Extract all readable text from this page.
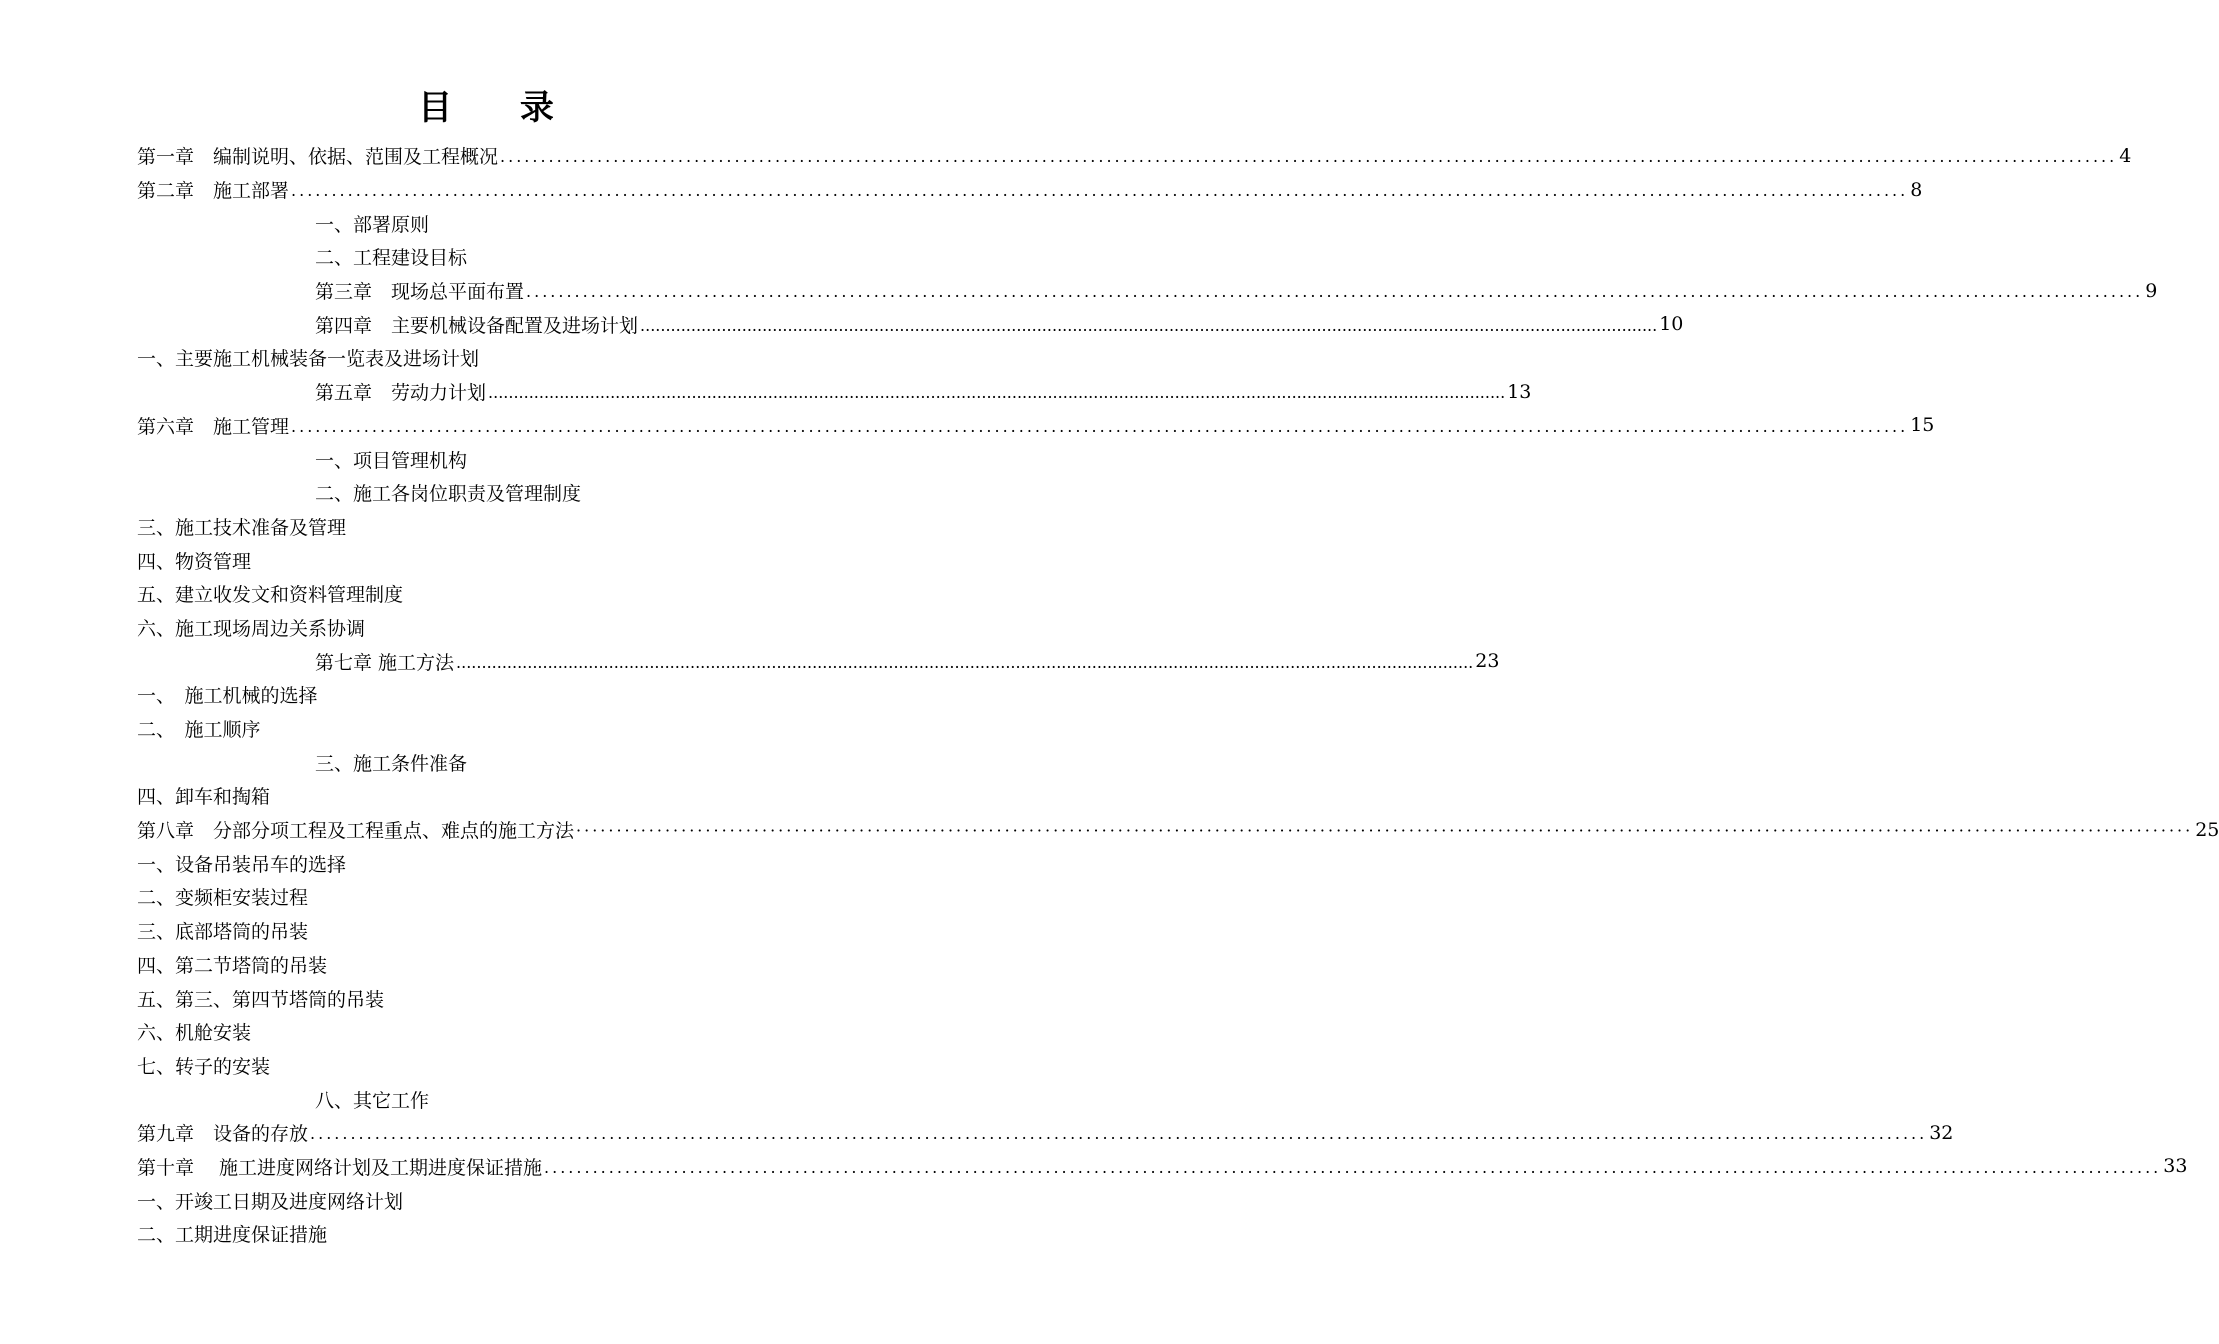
目 录
第一章　编制说明、依据、范围及工程概况 ........................................................................................................................................................................................................ 4
第二章　施工部署 ........................................................................................................................................................................................................ 8
一、部署原则
二、工程建设目标
第三章　现场总平面布置 ........................................................................................................................................................................................................ 9
第四章　主要机械设备配置及进场计划 ........................................................................................................................................................................................................ 10
一、主要施工机械装备一览表及进场计划
第五章　劳动力计划 ........................................................................................................................................................................................................ 13
第六章　施工管理 ........................................................................................................................................................................................................ 15
一、项目管理机构
二、施工各岗位职责及管理制度
三、施工技术准备及管理
四、物资管理
五、建立收发文和资料管理制度
六、施工现场周边关系协调
第七章 施工方法 ........................................................................................................................................................................................................ 23
一、　施工机械的选择
二、　施工顺序
三、施工条件准备
四、卸车和掏箱
第八章　分部分项工程及工程重点、难点的施工方法 ········································································································································································································ 25
一、设备吊装吊车的选择
二、变频柜安装过程
三、底部塔筒的吊装
四、第二节塔筒的吊装
五、第三、第四节塔筒的吊装
六、机舱安装
七、转子的安装
八、其它工作
第九章　设备的存放 ........................................................................................................................................................................................................ 32
第十章　 施工进度网络计划及工期进度保证措施 ........................................................................................................................................................................................................ 33
一、开竣工日期及进度网络计划
二、工期进度保证措施
